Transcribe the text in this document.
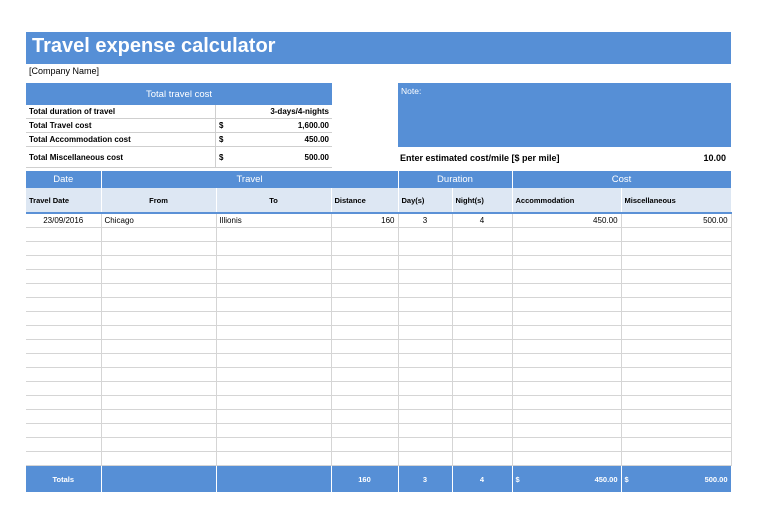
Travel expense calculator
[Company Name]
Total travel cost
Total duration of travel		3-days/4-nights
Total Travel cost	$	1,600.00
Total Accommodation cost	$	450.00
Total Miscellaneous cost	$	500.00
Note:
Enter estimated cost/mile [$ per mile]	10.00
Date	Travel			Duration		Cost	
Travel Date	From	To	Distance	Day(s)	Night(s)	Accommodation	Miscellaneous
23/09/2016	Chicago	Illionis	160	3	4	450.00	500.00

Totals			160	3	4	$ 450.00	$ 500.00
